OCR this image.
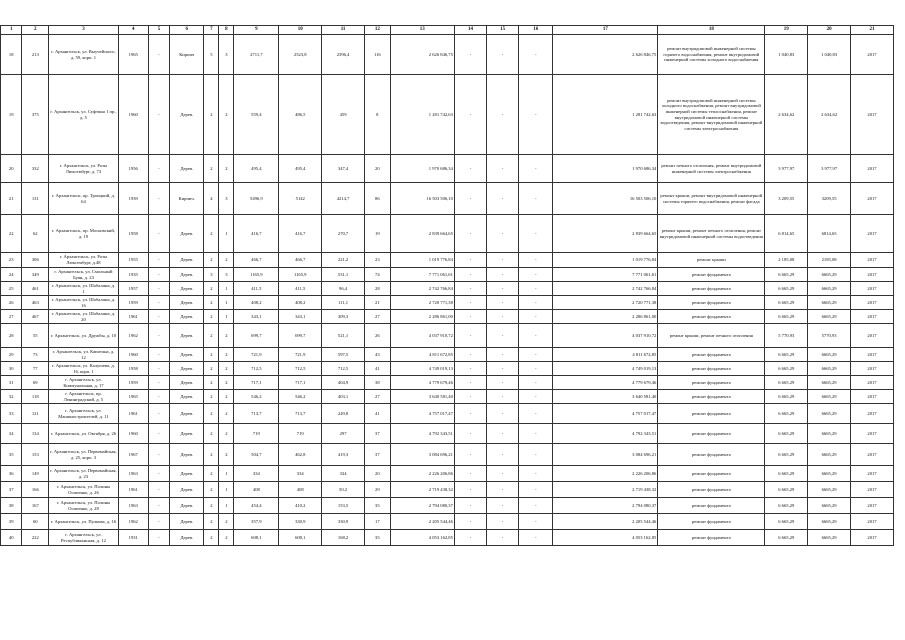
1	2	3	4	5	6	7	8	9	10	11	12	13	14	15	16	17	18	19	20	21
18	213	г. Архангельск, ул. Выучейского, д. 59, корп. 1	1965	-	Кирпич	5	3	2711,7	2523,8	2396,4	116	2 626 846,75	-	-	-	2 626 846,75	ремонт внутридомовой инженерной системы горячего водоснабжения, ремонт внутридомовой инженерной системы холодного водоснабжения	1 040,83	1 040,83	2017
19	375	г. Архангельск, ул. Суфтина 1 пр., д. 5	1960	-	Дерев.	2	2	559,4	486,5	459	8	1 281 742,63	-	-	-	1 281 742,63	ремонт внутридомовой инженерной системы холодного водоснабжения, ремонт внутридомовой инженерной системы теплоснабжения, ремонт внутридомовой инженерной системы водоотведения, ремонт внутридомовой инженерной системы электроснабжения	2 634,62	2 634,62	2017
20	332	г. Архангельск, ул. Розы Люксембург, д. 73	1956	-	Дерев.	2	2	495,4	495,4	347,4	20	1 970 686,34	-	-	-	1 970 686,34	ремонт печного отопления, ремонт внутридомовой инженерной системы электроснабжения	3 977,97	3 977,97	2017
21	131	г. Архангельск, пр. Троицкий, д. 64	1939	-	Кирпич.	4	3	5496,9	5142	4214,7	86	16 503 506,10	-	-	-	16 503 506,10	ремонт крыши, ремонт внутридомовой инженерной системы горячего водоснабжения, ремонт фасада	3 209,55	3209,55	2017
22	62	г. Архангельск, пр. Московский, д. 19	1958	-	Дерев.	2	1	416,7	416,7	270,7	19	2 839 664,65	-	-	-	2 839 664,65	ремонт крыши, ремонт печного отопления, ремонт внутридомовой инженерной системы водоотведения	6 814,65	6814,65	2017
23	306	г. Архангельск, ул. Розы Люксембург, д.48	1955	-	Дерев.	2	2	466,7	466,7	221,2	23	1 019 776,84	-	-	-	1 019 776,84	ремонт крыши	2 185,08	2185,08	2017
24	349	г. Архангельск, ул. Смольный Буян, д. 23	1935	-	Дерев.	3	3	1165,9	1165,9	531,1	74	7 771 061,61	-	-	-	7 771 061,61	ремонт фундамента	6 665,29	6665,29	2017
25	461	г. Архангельск, ул. Шабалина, д. 1	1957	-	Дерев.	2	1	411,5	411,5	96,4	28	2 742 766,84	-	-	-	2 742 766,84	ремонт фундамента	6 665,29	6665,29	2017
26	463	г. Архангельск, ул. Шабалина, д. 16	1959	-	Дерев.	2	1	408,2	408,2	111,1	21	2 720 771,38	-	-	-	2 720 771,38	ремонт фундамента	6 665,29	6665,29	2017
27	467	г. Архангельск, ул. Шабалина, д. 20	1961	-	Дерев.	2	1	343,1	343,1	309,3	27	2 286 861,00	-	-	-	2 286 861,00	ремонт фундамента	6 665,29	6665,29	2017
28	55	г. Архангельск, ул. Дружбы, д. 10	1962	-	Дерев.	2	2	699,7	699,7	521,1	26	4 037 910,72	-	-	-	4 037 910,72	ремонт крыши, ремонт печного отопления	5 770,93	5770,93	2017
29	73	г. Архангельск, ул. Капитана, д. 12	1960	-	Дерев.	2	2	721,9	721,9	597,5	43	4 811 672,85	-	-	-	4 811 672,85	ремонт фундамента	6 665,29	6665,29	2017
30	77	г. Архангельск, ул. Калушева, д. 16, корп. 1	1958	-	Дерев.	2	2	712,5	712,5	712,5	41	4 749 019,13	-	-	-	4 749 019,13	ремонт фундамента	6 665,29	6665,29	2017
31	69	г. Архангельск, ул. Коммунальная, д. 17	1959	-	Дерев.	2	2	717,1	717,1	404,9	38	4 779 679,46	-	-	-	4 779 679,46	ремонт фундамента	6 665,29	6665,29	2017
32	118	г. Архангельск, пр. Ленинградский, д. 5	1965	-	Дерев.	2	2	546,2	546,2	403,1	27	3 640 581,40	-	-	-	3 640 581,40	ремонт фундамента	6 665,29	6665,29	2017
33	121	г. Архангельск, ул. Машиностроителей, д. 11	1961	-	Дерев.	2	2	713,7	713,7	249,8	41	4 757 017,47	-	-	-	4 757 017,47	ремонт фундамента	6 665,29	6665,29	2017
34	134	г. Архангельск, ул. Октября, д. 26	1960	-	Дерев.	2	2	719	719	297	37	4 792 343,51	-	-	-	4 792 343,51	ремонт фундамента	6 665,29	6665,29	2017
35	153	г. Архангельск, ул. Первомайская, д. 25, корп. 3	1967	-	Дерев.	2	2	504,7	462,8	419,3	37	3 084 696,21	-	-	-	3 084 696,21	ремонт фундамента	6 665,29	6665,29	2017
36	149	г. Архангельск, ул. Первомайская, д. 23	1963	-	Дерев.	2	1	334	334	334	20	2 226 206,86	-	-	-	2 226 206,86	ремонт фундамента	6 665,29	6665,29	2017
37	166	г. Архангельск, ул. Полины Осипенко, д. 26	1961	-	Дерев.	2	1	408	408	50,2	29	2 719 438,32	-	-	-	2 719 438,32	ремонт фундамента	6 665,29	6665,29	2017
38	167	г. Архангельск, ул. Полины Осипенко, д. 28	1963	-	Дерев.	2	1	454,4	410,2	153,5	35	2 794 080,37	-	-	-	2 794 080,37	ремонт фундамента	6 665,29	6665,29	2017
39	60	г. Архангельск, ул. Пулкова, д. 16	1962	-	Дерев.	2	2	357,9	330,9	330,9	17	2 205 544,46	-	-	-	2 205 544,46	ремонт фундамента	6 665,29	6665,29	2017
40	222	г. Архангельск, ул. Республиканская, д. 12	1931	-	Дерев.	2	2	608,1	608,1	168,2	35	4 053 162,85	-	-	-	4 053 162,85	ремонт фундамента	6 665,29	6665,29	2017
